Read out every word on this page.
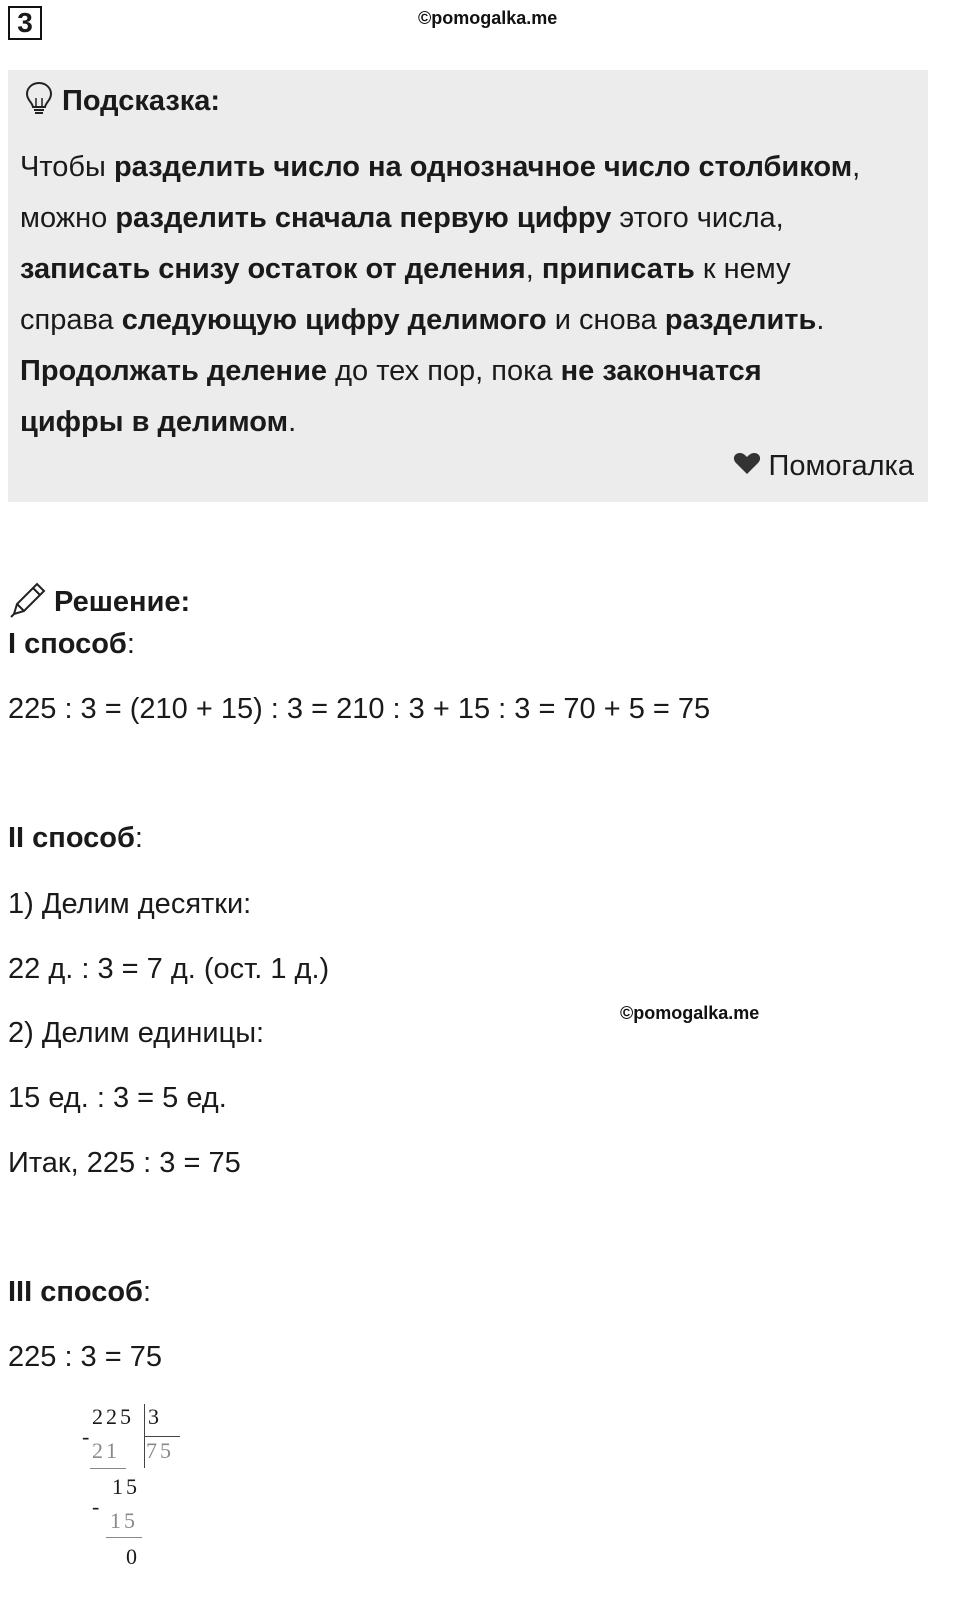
3	©pomogalka.me
Подсказка:
Чтобы разделить число на однозначное число столбиком,
можно разделить сначала первую цифру этого числа,
записать снизу остаток от деления, приписать к нему
справа следующую цифру делимого и снова разделить.
Продолжать деление до тех пор, пока не закончатся
цифры в делимом.
Помогалка
Решение:
I способ:
225 : 3 = (210 + 15) : 3 = 210 : 3 + 15 : 3 = 70 + 5 = 75
II способ:
1) Делим десятки:
22 д. : 3 = 7 д. (ост. 1 д.)
2) Делим единицы:
15 ед. : 3 = 5 ед.
Итак, 225 : 3 = 75
©pomogalka.me
III способ:
225 : 3 = 75
-
225 3
21 75
15
-
15
0
